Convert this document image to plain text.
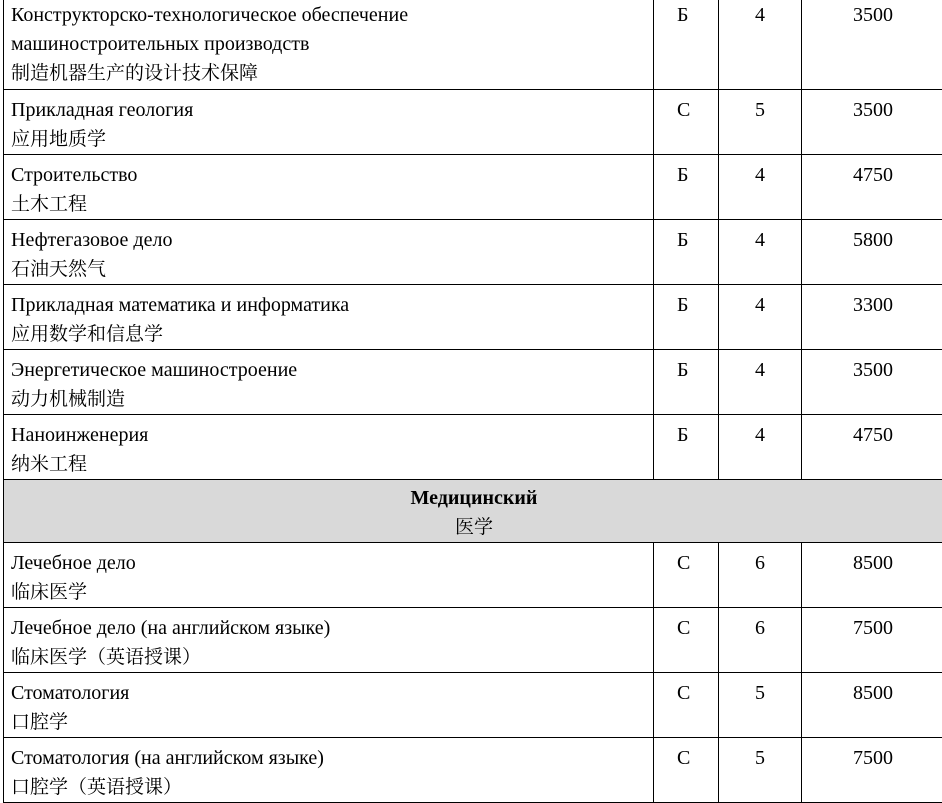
Конструкторско-технологическое обеспечение
машиностроительных производств
制造机器生产的设计技术保障	Б	4	3500

Прикладная геология
应用地质学	С	5	3500

Строительство
土木工程	Б	4	4750

Нефтегазовое дело
石油天然气	Б	4	5800

Прикладная математика и информатика
应用数学和信息学	Б	4	3300

Энергетическое машиностроение
动力机械制造	Б	4	3500

Наноинженерия
纳米工程	Б	4	4750

Медицинский
医学			

Лечебное дело
临床医学	С	6	8500

Лечебное дело (на английском языке)
临床医学（英语授课）	С	6	7500

Стоматология
口腔学	С	5	8500

Стоматология (на английском языке)
口腔学（英语授课）	С	5	7500
